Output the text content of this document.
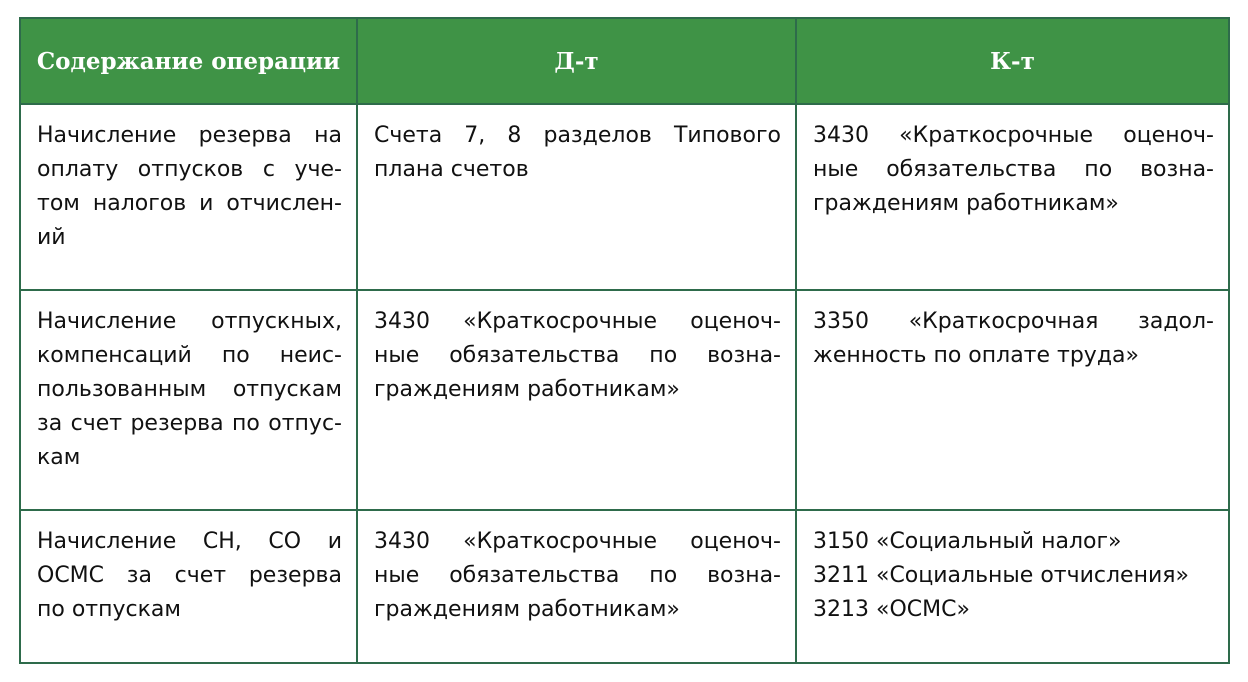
Содержание операции	Д-т	К-т

Начисление резерва на
оплату отпусков с уче-
том налогов и отчислен-
ий	Счета 7, 8 разделов Типового
плана счетов	3430 «Краткосрочные оценоч-
ные обязательства по возна-
граждениям работникам»

Начисление отпускных,
компенсаций по неис-
пользованным отпускам
за счет резерва по отпус-
кам	3430 «Краткосрочные оценоч-
ные обязательства по возна-
граждениям работникам»	3350 «Краткосрочная задол-
женность по оплате труда»

Начисление СН, СО и
ОСМС за счет резерва
по отпускам	3430 «Краткосрочные оценоч-
ные обязательства по возна-
граждениям работникам»	3150 «Социальный налог»
3211 «Социальные отчисления»
3213 «ОСМС»
